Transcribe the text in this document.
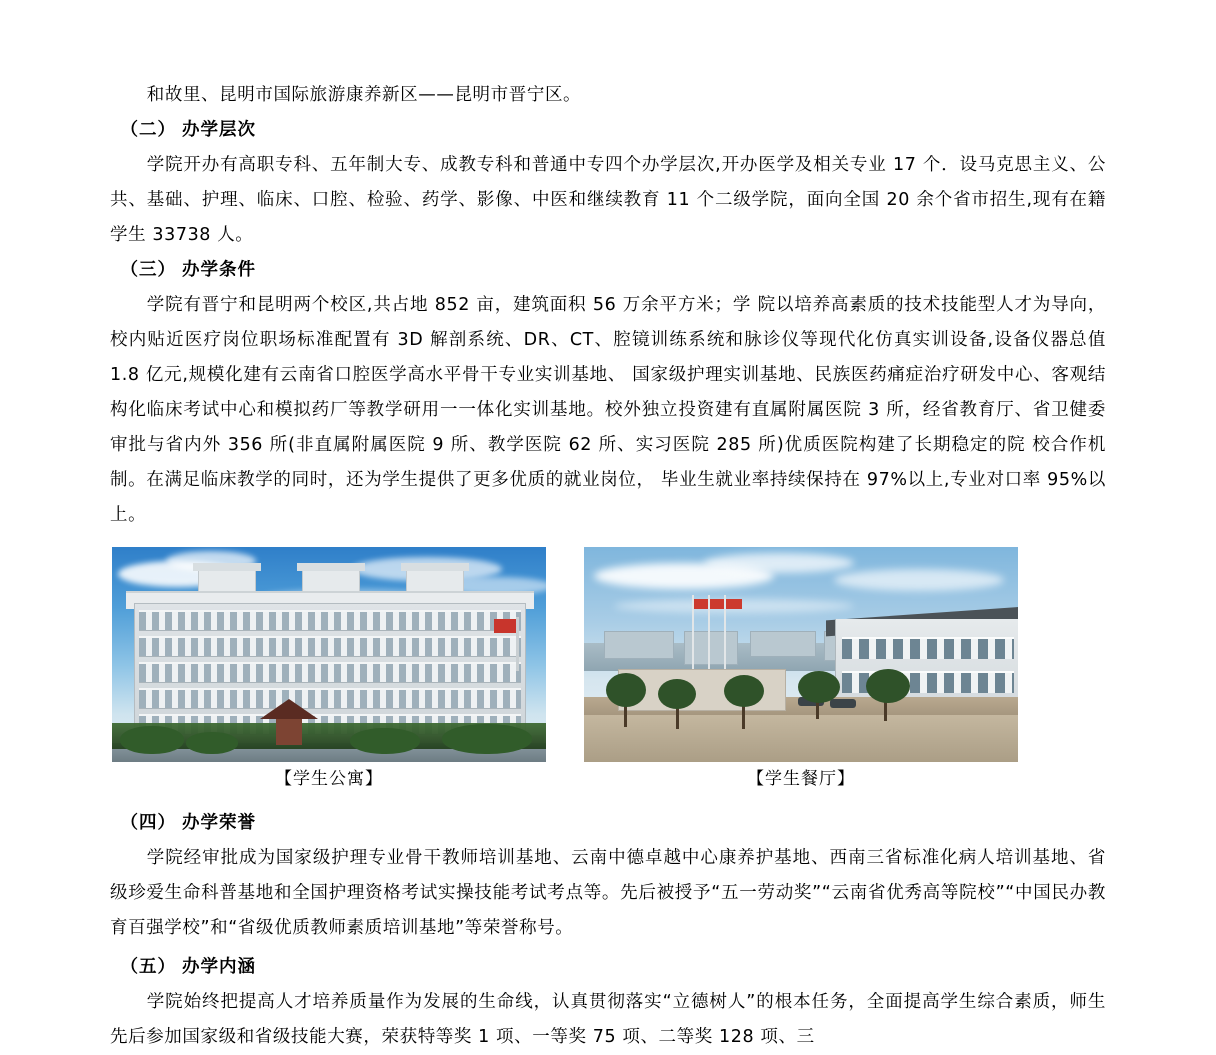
和故里、昆明市国际旅游康养新区——昆明市晋宁区。

（二） 办学层次

学院开办有高职专科、五年制大专、成教专科和普通中专四个办学层次,开办医学及相关专业 17 个．设马克思主义、公共、基础、护理、临床、口腔、检验、药学、影像、中医和继续教育 11 个二级学院，面向全国 20 余个省市招生,现有在籍学生 33738 人。

（三） 办学条件

学院有晋宁和昆明两个校区,共占地 852 亩，建筑面积 56 万余平方米；学 院以培养高素质的技术技能型人才为导向，校内贴近医疗岗位职场标准配置有 3D 解剖系统、DR、CT、腔镜训练系统和脉诊仪等现代化仿真实训设备,设备仪器总值 1.8 亿元,规模化建有云南省口腔医学高水平骨干专业实训基地、 国家级护理实训基地、民族医药痛症治疗研发中心、客观结构化临床考试中心和模拟药厂等教学研用一一体化实训基地。校外独立投资建有直属附属医院 3 所，经省教育厅、省卫健委审批与省内外 356 所(非直属附属医院 9 所、教学医院 62 所、实习医院 285 所)优质医院构建了长期稳定的院 校合作机制。在满足临床教学的同时，还为学生提供了更多优质的就业岗位， 毕业生就业率持续保持在 97%以上,专业对口率 95%以上。

【学生公寓】	【学生餐厅】

（四） 办学荣誉

学院经审批成为国家级护理专业骨干教师培训基地、云南中德卓越中心康养护基地、西南三省标准化病人培训基地、省级珍爱生命科普基地和全国护理资格考试实操技能考试考点等。先后被授予“五一劳动奖”“云南省优秀高等院校”“中国民办教育百强学校”和“省级优质教师素质培训基地”等荣誉称号。

（五） 办学内涵

学院始终把提高人才培养质量作为发展的生命线，认真贯彻落实“立德树人”的根本任务，全面提高学生综合素质，师生先后参加国家级和省级技能大赛，荣获特等奖 1 项、一等奖 75 项、二等奖 128 项、三
